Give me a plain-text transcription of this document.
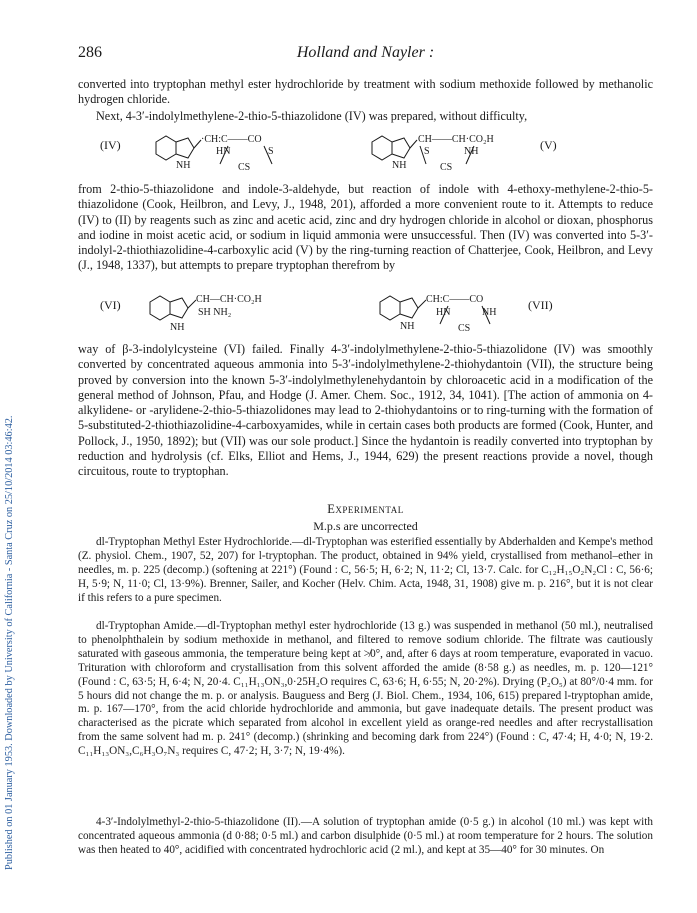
Published on 01 January 1953. Downloaded by University of California - Santa Cruz on 25/10/2014 03:46:42.
286	Holland and Nayler :

converted into tryptophan methyl ester hydrochloride by treatment with sodium methoxide followed by methanolic hydrogen chloride.

Next, 4-3′-indolylmethylene-2-thio-5-thiazolidone (IV) was prepared, without difficulty,

(IV)	·CH:C——CO
HN	S
CS
NH
CH——CH·CO₂H
S	NH
CS
NH
(V)

from 2-thio-5-thiazolidone and indole-3-aldehyde, but reaction of indole with 4-ethoxy-methylene-2-thio-5-thiazolidone (Cook, Heilbron, and Levy, J., 1948, 201), afforded a more convenient route to it. Attempts to reduce (IV) to (II) by reagents such as zinc and acetic acid, zinc and dry hydrogen chloride in alcohol or dioxan, phosphorus and iodine in moist acetic acid, or sodium in liquid ammonia were unsuccessful. Then (IV) was converted into 5-3′-indolyl-2-thiothiazolidine-4-carboxylic acid (V) by the ring-turning reaction of Chatterjee, Cook, Heilbron, and Levy (J., 1948, 1337), but attempts to prepare tryptophan therefrom by

(VI)	CH—CH·CO₂H
SH NH₂
NH
CH:C——CO
HN	NH
CS
NH
(VII)

way of β-3-indolylcysteine (VI) failed. Finally 4-3′-indolylmethylene-2-thio-5-thiazolidone (IV) was smoothly converted by concentrated aqueous ammonia into 5-3′-indolylmethylene-2-thiohydantoin (VII), the structure being proved by conversion into the known 5-3′-indolylmethylenehydantoin by chloroacetic acid in a modification of the general method of Johnson, Pfau, and Hodge (J. Amer. Chem. Soc., 1912, 34, 1041). [The action of ammonia on 4-alkylidene- or -arylidene-2-thio-5-thiazolidones may lead to 2-thiohydantoins or to ring-turning with the formation of 5-substituted-2-thiothiazolidine-4-carboxyamides, while in certain cases both products are formed (Cook, Hunter, and Pollock, J., 1950, 1892); but (VII) was our sole product.] Since the hydantoin is readily converted into tryptophan by reduction and hydrolysis (cf. Elks, Elliot and Hems, J., 1944, 629) the present reactions provide a novel, though circuitous, route to tryptophan.

Experimental
M.p.s are uncorrected

dl-Tryptophan Methyl Ester Hydrochloride.—dl-Tryptophan was esterified essentially by Abderhalden and Kempe's method (Z. physiol. Chem., 1907, 52, 207) for l-tryptophan. The product, obtained in 94% yield, crystallised from methanol–ether in needles, m. p. 225 (decomp.) (softening at 221°) (Found : C, 56·5; H, 6·2; N, 11·2; Cl, 13·7. Calc. for C₁₂H₁₅O₂N₂Cl : C, 56·6; H, 5·9; N, 11·0; Cl, 13·9%). Brenner, Sailer, and Kocher (Helv. Chim. Acta, 1948, 31, 1908) give m. p. 216°, but it is not clear if this refers to a pure specimen.

dl-Tryptophan Amide.—dl-Tryptophan methyl ester hydrochloride (13 g.) was suspended in methanol (50 ml.), neutralised to phenolphthalein by sodium methoxide in methanol, and filtered to remove sodium chloride. The filtrate was cautiously saturated with gaseous ammonia, the temperature being kept at ≯0°, and, after 6 days at room temperature, evaporated in vacuo. Trituration with chloroform and crystallisation from this solvent afforded the amide (8·58 g.) as needles, m. p. 120—121° (Found : C, 63·5; H, 6·4; N, 20·4. C₁₁H₁₃ON₃,0·25H₂O requires C, 63·6; H, 6·55; N, 20·2%). Drying (P₂O₅) at 80°/0·4 mm. for 5 hours did not change the m. p. or analysis. Bauguess and Berg (J. Biol. Chem., 1934, 106, 615) prepared l-tryptophan amide, m. p. 167—170°, from the acid chloride hydrochloride and ammonia, but gave inadequate details. The present product was characterised as the picrate which separated from alcohol in excellent yield as orange-red needles and after recrystallisation from the same solvent had m. p. 241° (decomp.) (shrinking and becoming dark from 224°) (Found : C, 47·4; H, 4·0; N, 19·2. C₁₁H₁₃ON₃,C₆H₃O₇N₃ requires C, 47·2; H, 3·7; N, 19·4%).

4-3′-Indolylmethyl-2-thio-5-thiazolidone (II).—A solution of tryptophan amide (0·5 g.) in alcohol (10 ml.) was kept with concentrated aqueous ammonia (d 0·88; 0·5 ml.) and carbon disulphide (0·5 ml.) at room temperature for 2 hours. The solution was then heated to 40°, acidified with concentrated hydrochloric acid (2 ml.), and kept at 35—40° for 30 minutes. On
